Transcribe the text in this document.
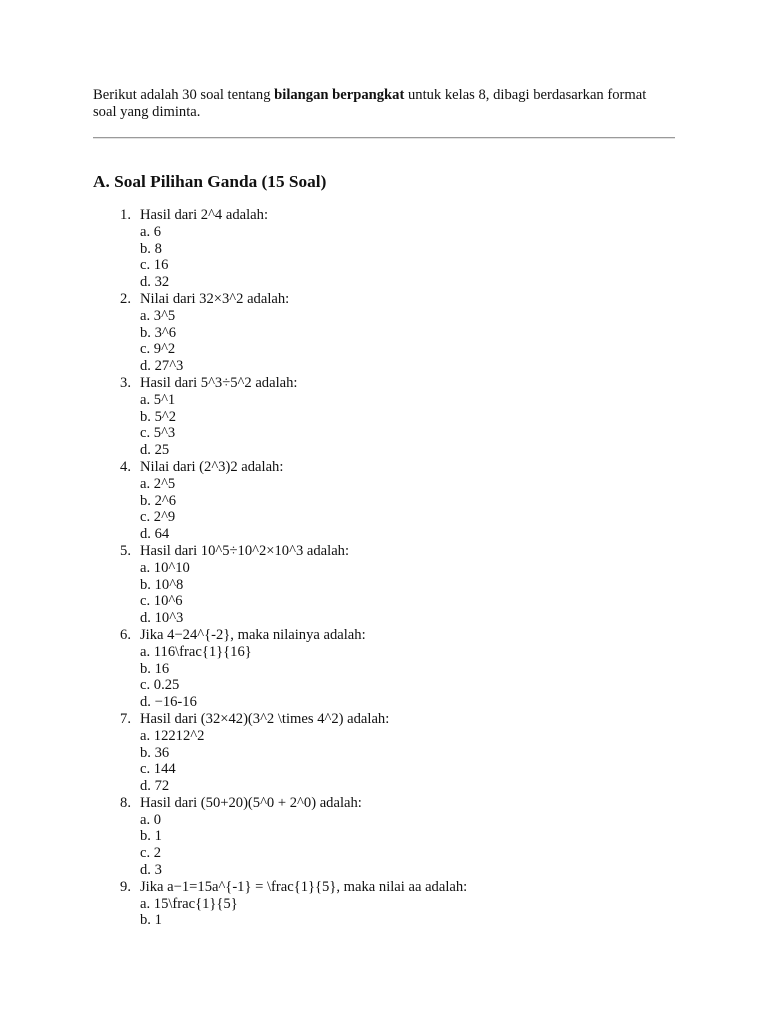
Berikut adalah 30 soal tentang bilangan berpangkat untuk kelas 8, dibagi berdasarkan format soal yang diminta.

A. Soal Pilihan Ganda (15 Soal)
1. Hasil dari 2^4 adalah:
a. 6
b. 8
c. 16
d. 32
2. Nilai dari 32×3^2 adalah:
a. 3^5
b. 3^6
c. 9^2
d. 27^3
3. Hasil dari 5^3÷5^2 adalah:
a. 5^1
b. 5^2
c. 5^3
d. 25
4. Nilai dari (2^3)2 adalah:
a. 2^5
b. 2^6
c. 2^9
d. 64
5. Hasil dari 10^5÷10^2×10^3 adalah:
a. 10^10
b. 10^8
c. 10^6
d. 10^3
6. Jika 4−24^{-2}, maka nilainya adalah:
a. 116\frac{1}{16}
b. 16
c. 0.25
d. −16-16
7. Hasil dari (32×42)(3^2 \times 4^2) adalah:
a. 12212^2
b. 36
c. 144
d. 72
8. Hasil dari (50+20)(5^0 + 2^0) adalah:
a. 0
b. 1
c. 2
d. 3
9. Jika a−1=15a^{-1} = \frac{1}{5}, maka nilai aa adalah:
a. 15\frac{1}{5}
b. 1
